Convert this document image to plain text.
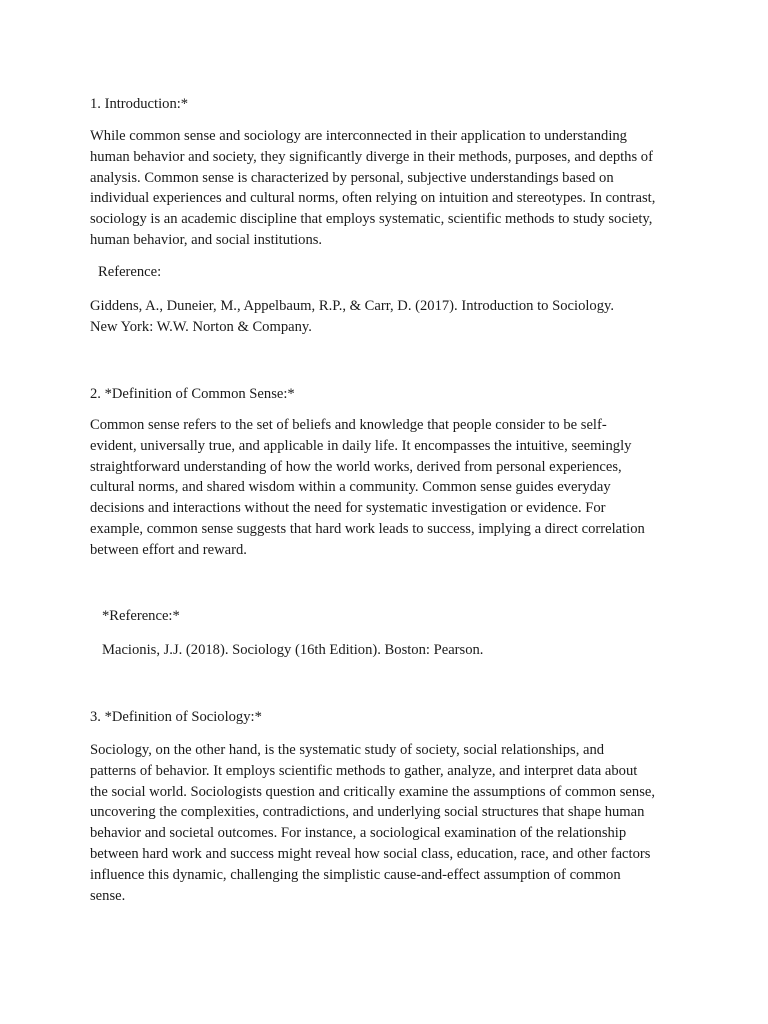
1. Introduction:*

While common sense and sociology are interconnected in their application to understanding
human behavior and society, they significantly diverge in their methods, purposes, and depths of
analysis. Common sense is characterized by personal, subjective understandings based on
individual experiences and cultural norms, often relying on intuition and stereotypes. In contrast,
sociology is an academic discipline that employs systematic, scientific methods to study society,
human behavior, and social institutions.

Reference:

Giddens, A., Duneier, M., Appelbaum, R.P., & Carr, D. (2017). Introduction to Sociology.
New York: W.W. Norton & Company.

2. *Definition of Common Sense:*

Common sense refers to the set of beliefs and knowledge that people consider to be self-
evident, universally true, and applicable in daily life. It encompasses the intuitive, seemingly
straightforward understanding of how the world works, derived from personal experiences,
cultural norms, and shared wisdom within a community. Common sense guides everyday
decisions and interactions without the need for systematic investigation or evidence. For
example, common sense suggests that hard work leads to success, implying a direct correlation
between effort and reward.

*Reference:*

Macionis, J.J. (2018). Sociology (16th Edition). Boston: Pearson.

3. *Definition of Sociology:*

Sociology, on the other hand, is the systematic study of society, social relationships, and
patterns of behavior. It employs scientific methods to gather, analyze, and interpret data about
the social world. Sociologists question and critically examine the assumptions of common sense,
uncovering the complexities, contradictions, and underlying social structures that shape human
behavior and societal outcomes. For instance, a sociological examination of the relationship
between hard work and success might reveal how social class, education, race, and other factors
influence this dynamic, challenging the simplistic cause-and-effect assumption of common
sense.
